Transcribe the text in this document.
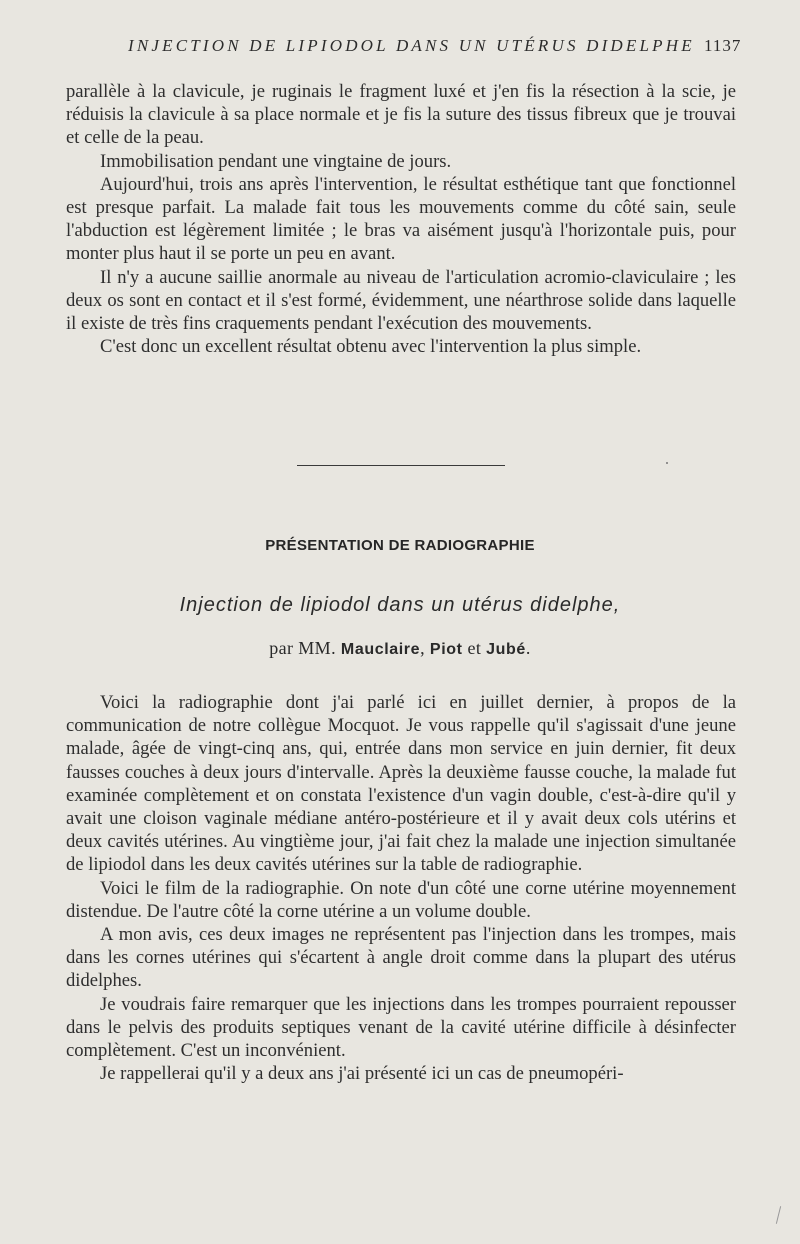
INJECTION DE LIPIODOL DANS UN UTÉRUS DIDELPHE 1137

parallèle à la clavicule, je ruginais le fragment luxé et j'en fis la résection à la scie, je réduisis la clavicule à sa place normale et je fis la suture des tissus fibreux que je trouvai et celle de la peau.

Immobilisation pendant une vingtaine de jours.

Aujourd'hui, trois ans après l'intervention, le résultat esthétique tant que fonctionnel est presque parfait. La malade fait tous les mouvements comme du côté sain, seule l'abduction est légèrement limitée ; le bras va aisément jusqu'à l'horizontale puis, pour monter plus haut il se porte un peu en avant.

Il n'y a aucune saillie anormale au niveau de l'articulation acromio-claviculaire ; les deux os sont en contact et il s'est formé, évidemment, une néarthrose solide dans laquelle il existe de très fins craquements pendant l'exécution des mouvements.

C'est donc un excellent résultat obtenu avec l'intervention la plus simple.

PRÉSENTATION DE RADIOGRAPHIE
Injection de lipiodol dans un utérus didelphe,
par MM. Mauclaire, Piot et Jubé.

Voici la radiographie dont j'ai parlé ici en juillet dernier, à propos de la communication de notre collègue Mocquot. Je vous rappelle qu'il s'agissait d'une jeune malade, âgée de vingt-cinq ans, qui, entrée dans mon service en juin dernier, fit deux fausses couches à deux jours d'intervalle. Après la deuxième fausse couche, la malade fut examinée complètement et on constata l'existence d'un vagin double, c'est-à-dire qu'il y avait une cloison vaginale médiane antéro-postérieure et il y avait deux cols utérins et deux cavités utérines. Au vingtième jour, j'ai fait chez la malade une injection simultanée de lipiodol dans les deux cavités utérines sur la table de radiographie.

Voici le film de la radiographie. On note d'un côté une corne utérine moyennement distendue. De l'autre côté la corne utérine a un volume double.

A mon avis, ces deux images ne représentent pas l'injection dans les trompes, mais dans les cornes utérines qui s'écartent à angle droit comme dans la plupart des utérus didelphes.

Je voudrais faire remarquer que les injections dans les trompes pourraient repousser dans le pelvis des produits septiques venant de la cavité utérine difficile à désinfecter complètement. C'est un inconvénient.

Je rappellerai qu'il y a deux ans j'ai présenté ici un cas de pneumopéri-
